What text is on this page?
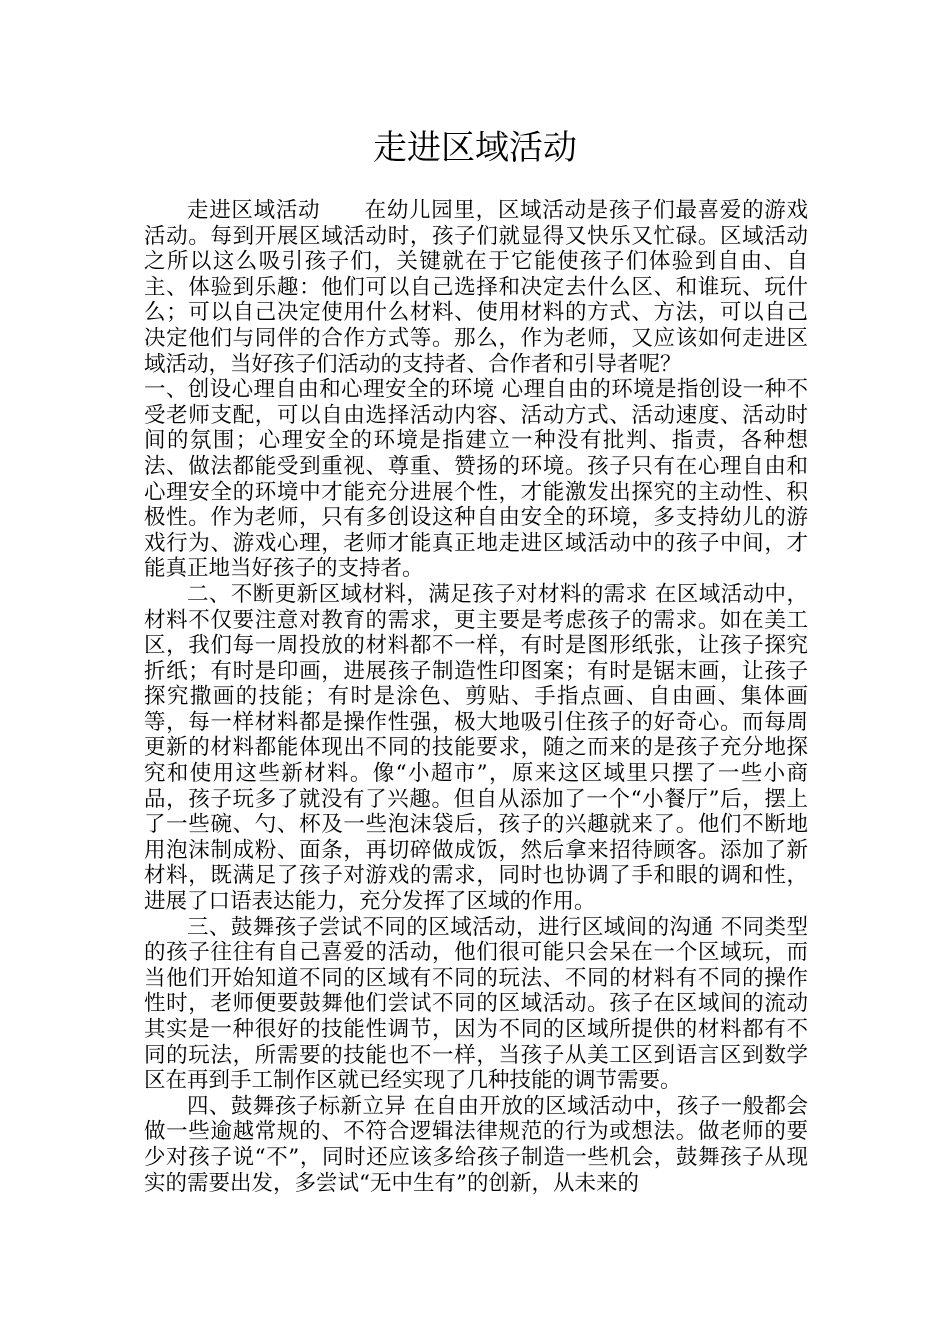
走进区域活动

走进区域活动　　在幼儿园里，区域活动是孩子们最喜爱的游戏活动。每到开展区域活动时，孩子们就显得又快乐又忙碌。区域活动之所以这么吸引孩子们，关键就在于它能使孩子们体验到自由、自主、体验到乐趣：他们可以自己选择和决定去什么区、和谁玩、玩什么；可以自己决定使用什么材料、使用材料的方式、方法，可以自己决定他们与同伴的合作方式等。那么，作为老师，又应该如何走进区域活动，当好孩子们活动的支持者、合作者和引导者呢？

一、创设心理自由和心理安全的环境 心理自由的环境是指创设一种不受老师支配，可以自由选择活动内容、活动方式、活动速度、活动时间的氛围；心理安全的环境是指建立一种没有批判、指责，各种想法、做法都能受到重视、尊重、赞扬的环境。孩子只有在心理自由和心理安全的环境中才能充分进展个性，才能激发出探究的主动性、积极性。作为老师，只有多创设这种自由安全的环境，多支持幼儿的游戏行为、游戏心理，老师才能真正地走进区域活动中的孩子中间，才能真正地当好孩子的支持者。

二、不断更新区域材料，满足孩子对材料的需求 在区域活动中，材料不仅要注意对教育的需求，更主要是考虑孩子的需求。如在美工区，我们每一周投放的材料都不一样，有时是图形纸张，让孩子探究折纸；有时是印画，进展孩子制造性印图案；有时是锯末画，让孩子探究撒画的技能；有时是涂色、剪贴、手指点画、自由画、集体画等，每一样材料都是操作性强，极大地吸引住孩子的好奇心。而每周更新的材料都能体现出不同的技能要求，随之而来的是孩子充分地探究和使用这些新材料。像“小超市”，原来这区域里只摆了一些小商品，孩子玩多了就没有了兴趣。但自从添加了一个“小餐厅”后，摆上了一些碗、勺、杯及一些泡沫袋后，孩子的兴趣就来了。他们不断地用泡沫制成粉、面条，再切碎做成饭，然后拿来招待顾客。添加了新材料，既满足了孩子对游戏的需求，同时也协调了手和眼的调和性，进展了口语表达能力，充分发挥了区域的作用。

三、鼓舞孩子尝试不同的区域活动，进行区域间的沟通 不同类型的孩子往往有自己喜爱的活动，他们很可能只会呆在一个区域玩，而当他们开始知道不同的区域有不同的玩法、不同的材料有不同的操作性时，老师便要鼓舞他们尝试不同的区域活动。孩子在区域间的流动其实是一种很好的技能性调节，因为不同的区域所提供的材料都有不同的玩法，所需要的技能也不一样，当孩子从美工区到语言区到数学区在再到手工制作区就已经实现了几种技能的调节需要。

四、鼓舞孩子标新立异 在自由开放的区域活动中，孩子一般都会做一些逾越常规的、不符合逻辑法律规范的行为或想法。做老师的要少对孩子说“不”，同时还应该多给孩子制造一些机会，鼓舞孩子从现实的需要出发，多尝试“无中生有”的创新，从未来的
